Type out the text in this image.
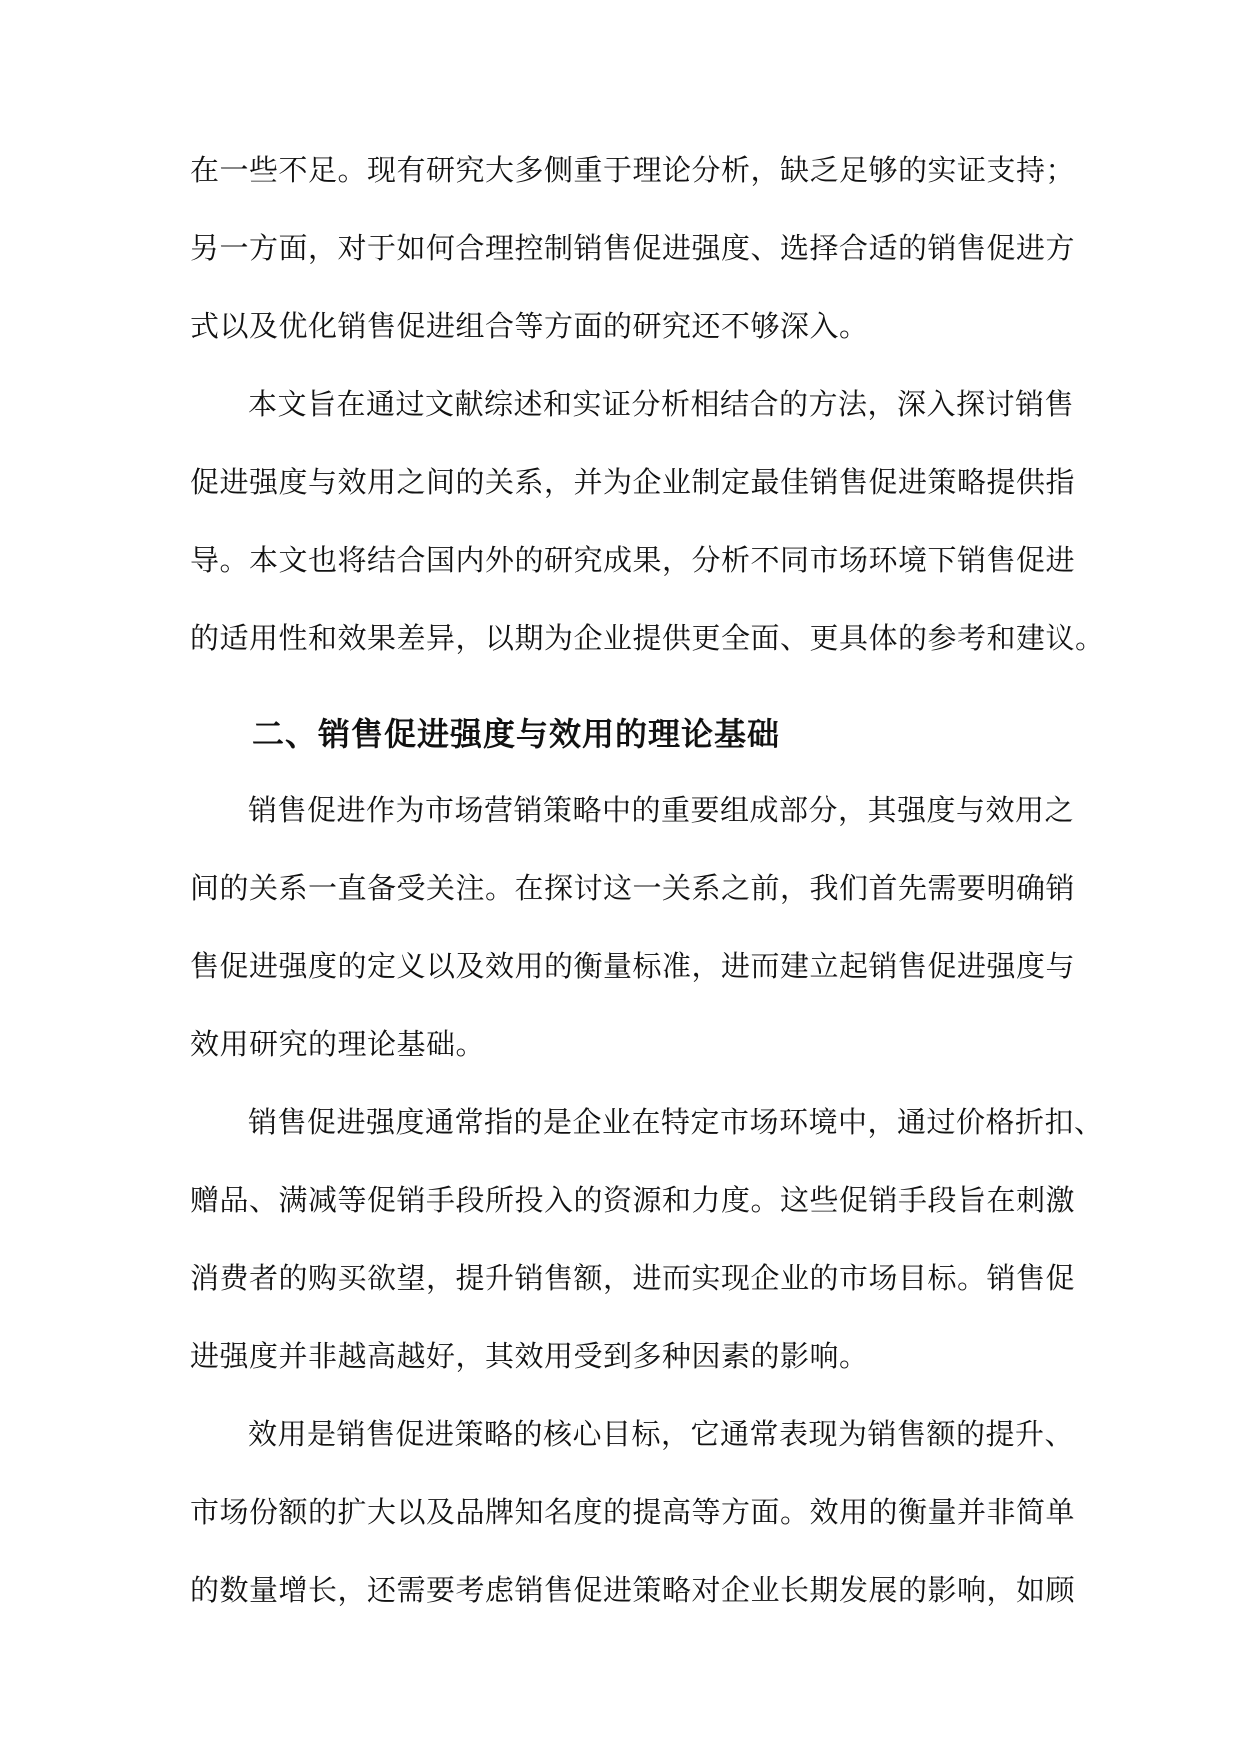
在一些不足。现有研究大多侧重于理论分析，缺乏足够的实证支持；
另一方面，对于如何合理控制销售促进强度、选择合适的销售促进方
式以及优化销售促进组合等方面的研究还不够深入。
本文旨在通过文献综述和实证分析相结合的方法，深入探讨销售
促进强度与效用之间的关系，并为企业制定最佳销售促进策略提供指
导。本文也将结合国内外的研究成果，分析不同市场环境下销售促进
的适用性和效果差异，以期为企业提供更全面、更具体的参考和建议。
二、销售促进强度与效用的理论基础
销售促进作为市场营销策略中的重要组成部分，其强度与效用之
间的关系一直备受关注。在探讨这一关系之前，我们首先需要明确销
售促进强度的定义以及效用的衡量标准，进而建立起销售促进强度与
效用研究的理论基础。
销售促进强度通常指的是企业在特定市场环境中，通过价格折扣、
赠品、满减等促销手段所投入的资源和力度。这些促销手段旨在刺激
消费者的购买欲望，提升销售额，进而实现企业的市场目标。销售促
进强度并非越高越好，其效用受到多种因素的影响。
效用是销售促进策略的核心目标，它通常表现为销售额的提升、
市场份额的扩大以及品牌知名度的提高等方面。效用的衡量并非简单
的数量增长，还需要考虑销售促进策略对企业长期发展的影响，如顾
